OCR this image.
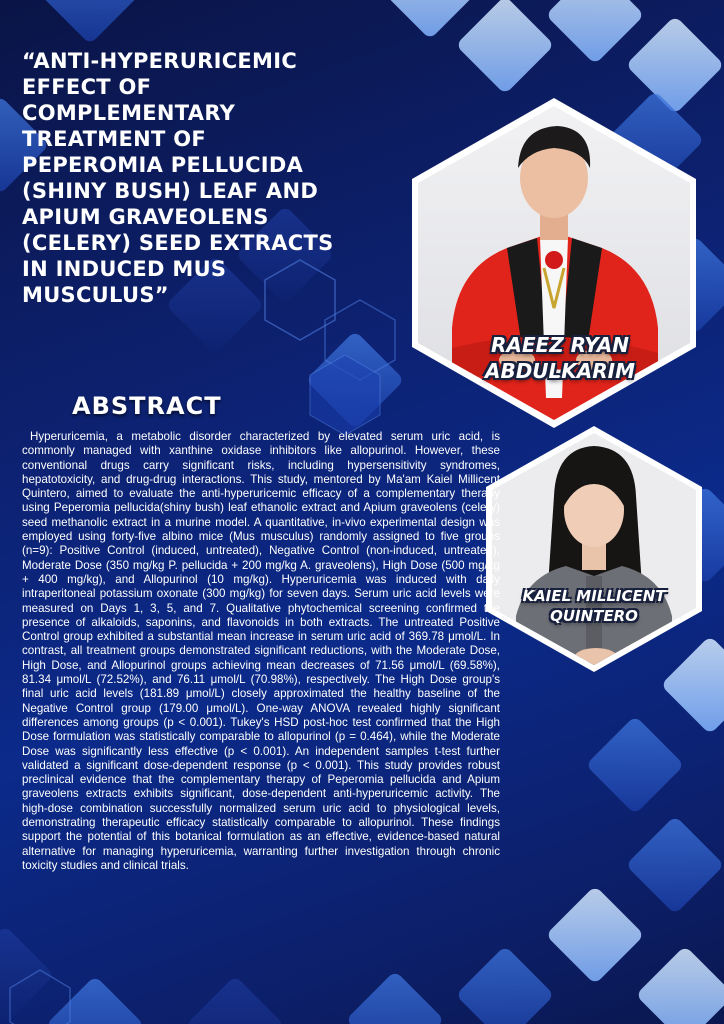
“ANTI-HYPERURICEMIC EFFECT OF COMPLEMENTARY TREATMENT OF PEPEROMIA PELLUCIDA (SHINY BUSH) LEAF AND APIUM GRAVEOLENS (CELERY) SEED EXTRACTS IN INDUCED MUS MUSCULUS”
RAEEZ RYAN
ABDULKARIM
KAIEL MILLICENT
QUINTERO
ABSTRACT

Hyperuricemia, a metabolic disorder characterized by elevated serum uric acid, is commonly managed with xanthine oxidase inhibitors like allopurinol. However, these conventional drugs carry significant risks, including hypersensitivity syndromes, hepatotoxicity, and drug-drug interactions. This study, mentored by Ma'am Kaiel Millicent Quintero, aimed to evaluate the anti-hyperuricemic efficacy of a complementary therapy using Peperomia pellucida(shiny bush) leaf ethanolic extract and Apium graveolens (celery) seed methanolic extract in a murine model. A quantitative, in-vivo experimental design was employed using forty-five albino mice (Mus musculus) randomly assigned to five groups (n=9): Positive Control (induced, untreated), Negative Control (non-induced, untreated), Moderate Dose (350 mg/kg P. pellucida + 200 mg/kg A. graveolens), High Dose (500 mg/kg + 400 mg/kg), and Allopurinol (10 mg/kg). Hyperuricemia was induced with daily intraperitoneal potassium oxonate (300 mg/kg) for seven days. Serum uric acid levels were measured on Days 1, 3, 5, and 7. Qualitative phytochemical screening confirmed the presence of alkaloids, saponins, and flavonoids in both extracts. The untreated Positive Control group exhibited a substantial mean increase in serum uric acid of 369.78 μmol/L. In contrast, all treatment groups demonstrated significant reductions, with the Moderate Dose, High Dose, and Allopurinol groups achieving mean decreases of 71.56 μmol/L (69.58%), 81.34 μmol/L (72.52%), and 76.11 μmol/L (70.98%), respectively. The High Dose group's final uric acid levels (181.89 μmol/L) closely approximated the healthy baseline of the Negative Control group (179.00 μmol/L). One-way ANOVA revealed highly significant differences among groups (p < 0.001). Tukey's HSD post-hoc test confirmed that the High Dose formulation was statistically comparable to allopurinol (p = 0.464), while the Moderate Dose was significantly less effective (p < 0.001). An independent samples t-test further validated a significant dose-dependent response (p < 0.001). This study provides robust preclinical evidence that the complementary therapy of Peperomia pellucida and Apium graveolens extracts exhibits significant, dose-dependent anti-hyperuricemic activity. The high-dose combination successfully normalized serum uric acid to physiological levels, demonstrating therapeutic efficacy statistically comparable to allopurinol. These findings support the potential of this botanical formulation as an effective, evidence-based natural alternative for managing hyperuricemia, warranting further investigation through chronic toxicity studies and clinical trials.
